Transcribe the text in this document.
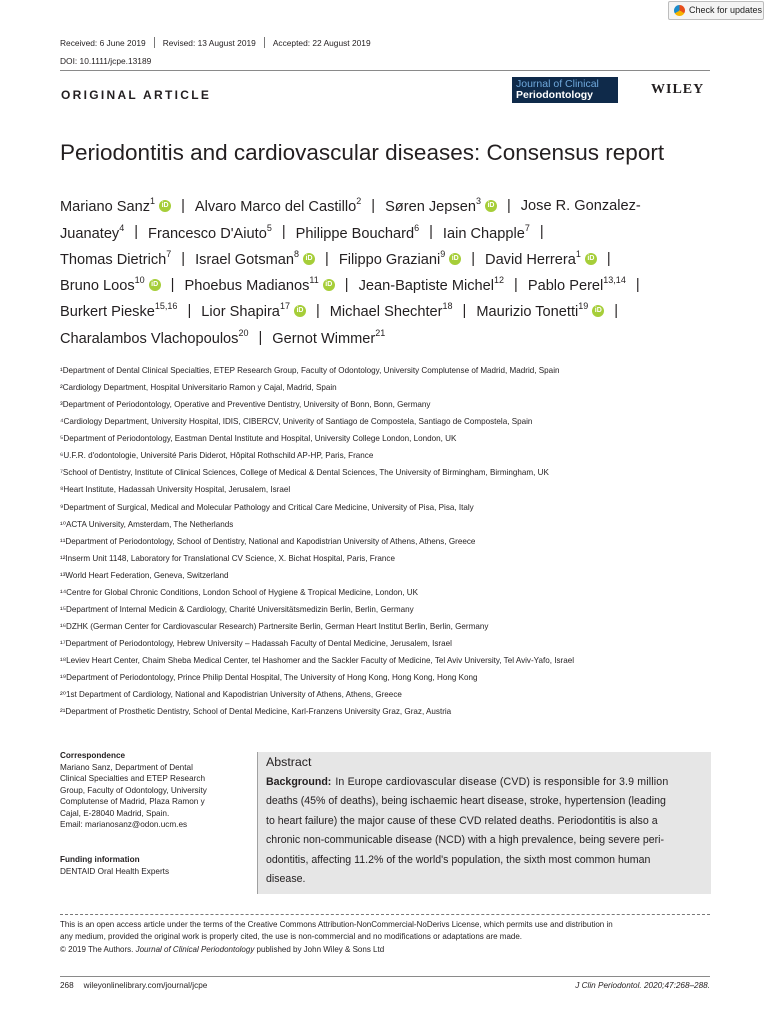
Check for updates
Received: 6 June 2019 Revised: 13 August 2019 Accepted: 22 August 2019
DOI: 10.1111/jcpe.13189
ORIGINAL ARTICLE
Journal of Clinical
Periodontology	WILEY
Periodontitis and cardiovascular diseases: Consensus report
Mariano Sanz$^1$ iD | Alvaro Marco del Castillo$^2$ | Søren Jepsen$^3$ iD | Jose R. Gonzalez-
Juanatey$^4$ | Francesco D'Aiuto$^5$ | Philippe Bouchard$^6$ | Iain Chapple$^7$ |
Thomas Dietrich$^7$ | Israel Gotsman$^8$ iD | Filippo Graziani$^9$ iD | David Herrera$^1$ iD |
Bruno Loos$^{10}$ iD | Phoebus Madianos$^{11}$ iD | Jean-Baptiste Michel$^{12}$ | Pablo Perel$^{13,14}$ |
Burkert Pieske$^{15,16}$ | Lior Shapira$^{17}$ iD | Michael Shechter$^{18}$ | Maurizio Tonetti$^{19}$ iD |
Charalambos Vlachopoulos$^{20}$ | Gernot Wimmer$^{21}$
¹Department of Dental Clinical Specialties, ETEP Research Group, Faculty of Odontology, University Complutense of Madrid, Madrid, Spain
²Cardiology Department, Hospital Universitario Ramon y Cajal, Madrid, Spain
³Department of Periodontology, Operative and Preventive Dentistry, University of Bonn, Bonn, Germany
⁴Cardiology Department, University Hospital, IDIS, CIBERCV, Univerity of Santiago de Compostela, Santiago de Compostela, Spain
⁵Department of Periodontology, Eastman Dental Institute and Hospital, University College London, London, UK
⁶U.F.R. d'odontologie, Université Paris Diderot, Hôpital Rothschild AP-HP, Paris, France
⁷School of Dentistry, Institute of Clinical Sciences, College of Medical & Dental Sciences, The University of Birmingham, Birmingham, UK
⁸Heart Institute, Hadassah University Hospital, Jerusalem, Israel
⁹Department of Surgical, Medical and Molecular Pathology and Critical Care Medicine, University of Pisa, Pisa, Italy
¹⁰ACTA University, Amsterdam, The Netherlands
¹¹Department of Periodontology, School of Dentistry, National and Kapodistrian University of Athens, Athens, Greece
¹²Inserm Unit 1148, Laboratory for Translational CV Science, X. Bichat Hospital, Paris, France
¹³World Heart Federation, Geneva, Switzerland
¹⁴Centre for Global Chronic Conditions, London School of Hygiene & Tropical Medicine, London, UK
¹⁵Department of Internal Medicin & Cardiology, Charité Universitätsmedizin Berlin, Berlin, Germany
¹⁶DZHK (German Center for Cardiovascular Research) Partnersite Berlin, German Heart Institut Berlin, Berlin, Germany
¹⁷Department of Periodontology, Hebrew University – Hadassah Faculty of Dental Medicine, Jerusalem, Israel
¹⁸Leviev Heart Center, Chaim Sheba Medical Center, tel Hashomer and the Sackler Faculty of Medicine, Tel Aviv University, Tel Aviv-Yafo, Israel
¹⁹Department of Periodontology, Prince Philip Dental Hospital, The University of Hong Kong, Hong Kong, Hong Kong
²⁰1st Department of Cardiology, National and Kapodistrian University of Athens, Athens, Greece
²¹Department of Prosthetic Dentistry, School of Dental Medicine, Karl-Franzens University Graz, Graz, Austria
Correspondence
Mariano Sanz, Department of Dental
Clinical Specialties and ETEP Research
Group, Faculty of Odontology, University
Complutense of Madrid, Plaza Ramon y
Cajal, E-28040 Madrid, Spain.
Email: marianosanz@odon.ucm.es
Funding information
DENTAID Oral Health Experts
Abstract
Background: In Europe cardiovascular disease (CVD) is responsible for 3.9 million
deaths (45% of deaths), being ischaemic heart disease, stroke, hypertension (leading
to heart failure) the major cause of these CVD related deaths. Periodontitis is also a
chronic non-communicable disease (NCD) with a high prevalence, being severe peri-
odontitis, affecting 11.2% of the world's population, the sixth most common human
disease.
This is an open access article under the terms of the Creative Commons Attribution-NonCommercial-NoDerivs License, which permits use and distribution in
any medium, provided the original work is properly cited, the use is non-commercial and no modifications or adaptations are made.
© 2019 The Authors. Journal of Clinical Periodontology published by John Wiley & Sons Ltd
268 wileyonlinelibrary.com/journal/jcpe	J Clin Periodontol. 2020;47:268–288.
